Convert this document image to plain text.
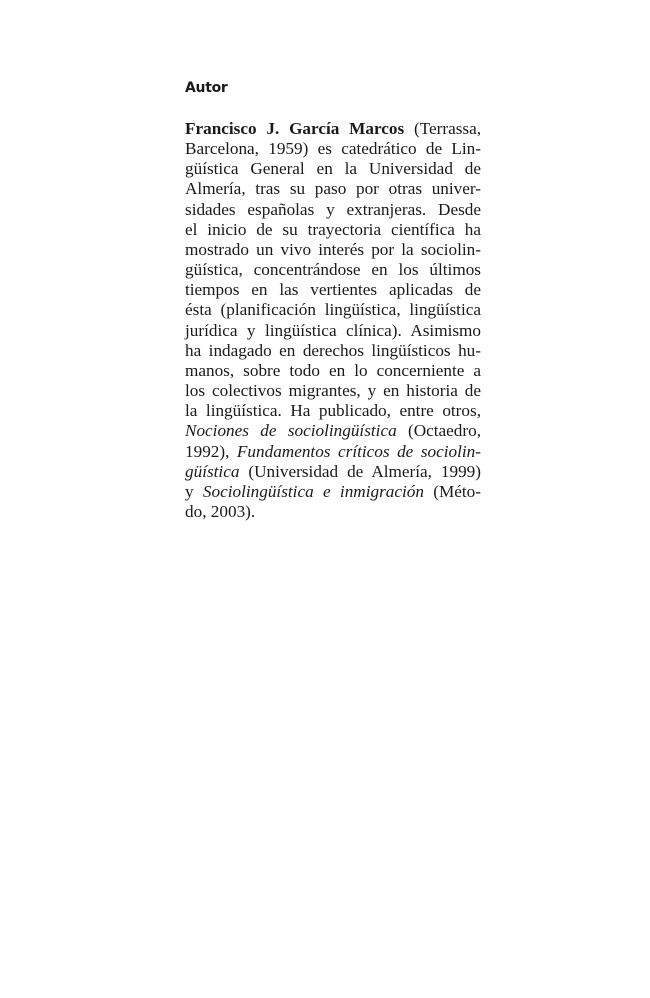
Autor
Francisco J. García Marcos (Terrassa,
Barcelona, 1959) es catedrático de Lin-
güística General en la Universidad de
Almería, tras su paso por otras univer-
sidades españolas y extranjeras. Desde
el inicio de su trayectoria científica ha
mostrado un vivo interés por la sociolin-
güística, concentrándose en los últimos
tiempos en las vertientes aplicadas de
ésta (planificación lingüística, lingüística
jurídica y lingüística clínica). Asimismo
ha indagado en derechos lingüísticos hu-
manos, sobre todo en lo concerniente a
los colectivos migrantes, y en historia de
la lingüística. Ha publicado, entre otros,
Nociones de sociolingüística (Octaedro,
1992), Fundamentos críticos de sociolin-
güística (Universidad de Almería, 1999)
y Sociolingüística e inmigración (Méto-
do, 2003).
